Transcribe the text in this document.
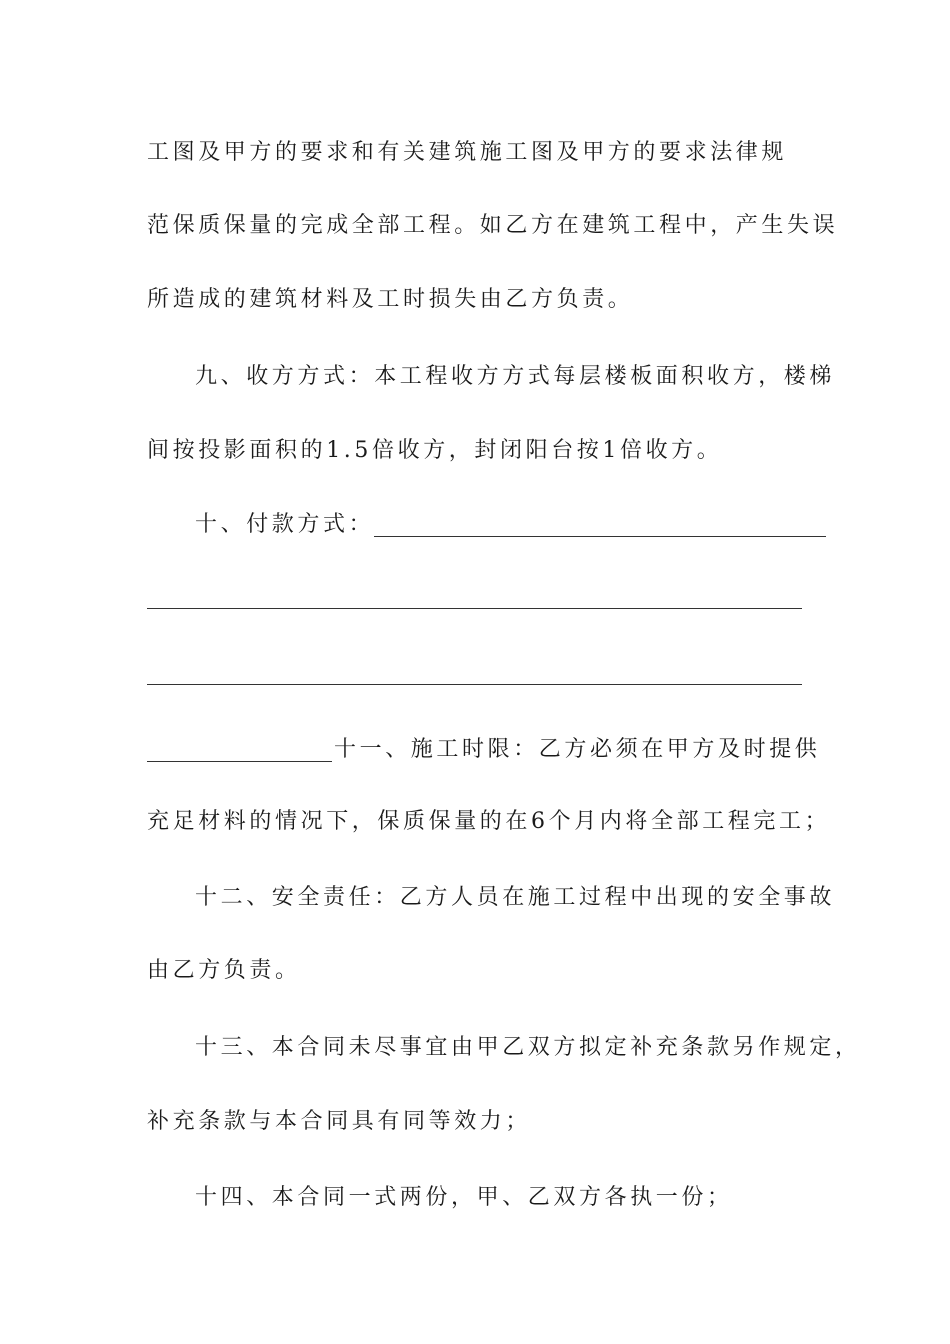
工图及甲方的要求和有关建筑施工图及甲方的要求法律规
范保质保量的完成全部工程。如乙方在建筑工程中，产生失误
所造成的建筑材料及工时损失由乙方负责。
九、收方方式：本工程收方方式每层楼板面积收方，楼梯
间按投影面积的1.5倍收方，封闭阳台按1倍收方。
十、付款方式：
十一、施工时限：乙方必须在甲方及时提供
充足材料的情况下，保质保量的在6个月内将全部工程完工；
十二、安全责任：乙方人员在施工过程中出现的安全事故
由乙方负责。
十三、本合同未尽事宜由甲乙双方拟定补充条款另作规定，
补充条款与本合同具有同等效力；
十四、本合同一式两份，甲、乙双方各执一份；
